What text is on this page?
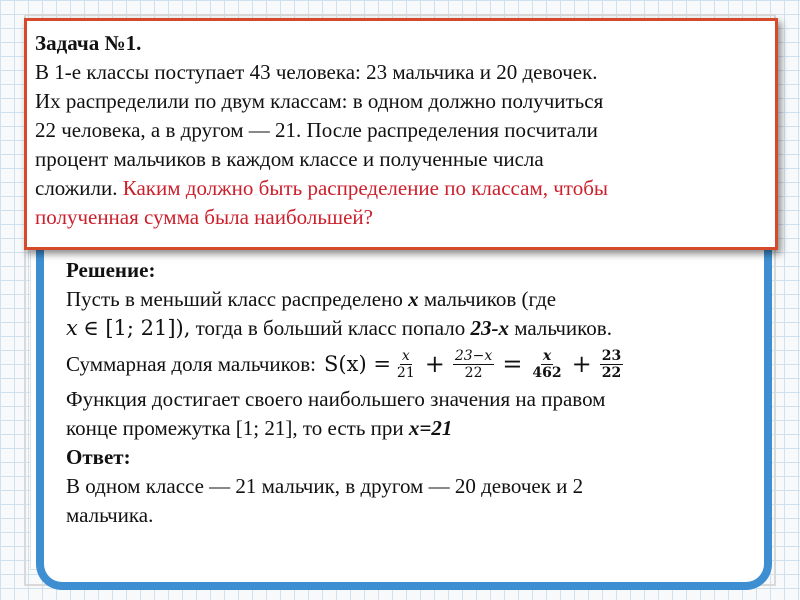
Задача №1.
В 1-е классы поступает 43 человека: 23 мальчика и 20 девочек.
Их распределили по двум классам: в одном должно получиться
22 человека, а в другом — 21. После распределения посчитали
процент мальчиков в каждом классе и полученные числа
сложили. Каким должно быть распределение по классам, чтобы
полученная сумма была наибольшей?

Решение:

Пусть в меньший класс распределено x мальчиков (где

x ∈ [1; 21]), тогда в больший класс попало 23-x мальчиков.

Суммарная доля мальчиков: $S(x) = \frac{x}{21} + \frac{23-x}{22} = \frac{x}{462} + \frac{23}{22}$

Функция достигает своего наибольшего значения на правом

конце промежутка [1; 21], то есть при x=21

Ответ:

В одном классе — 21 мальчик, в другом — 20 девочек и 2

мальчика.
